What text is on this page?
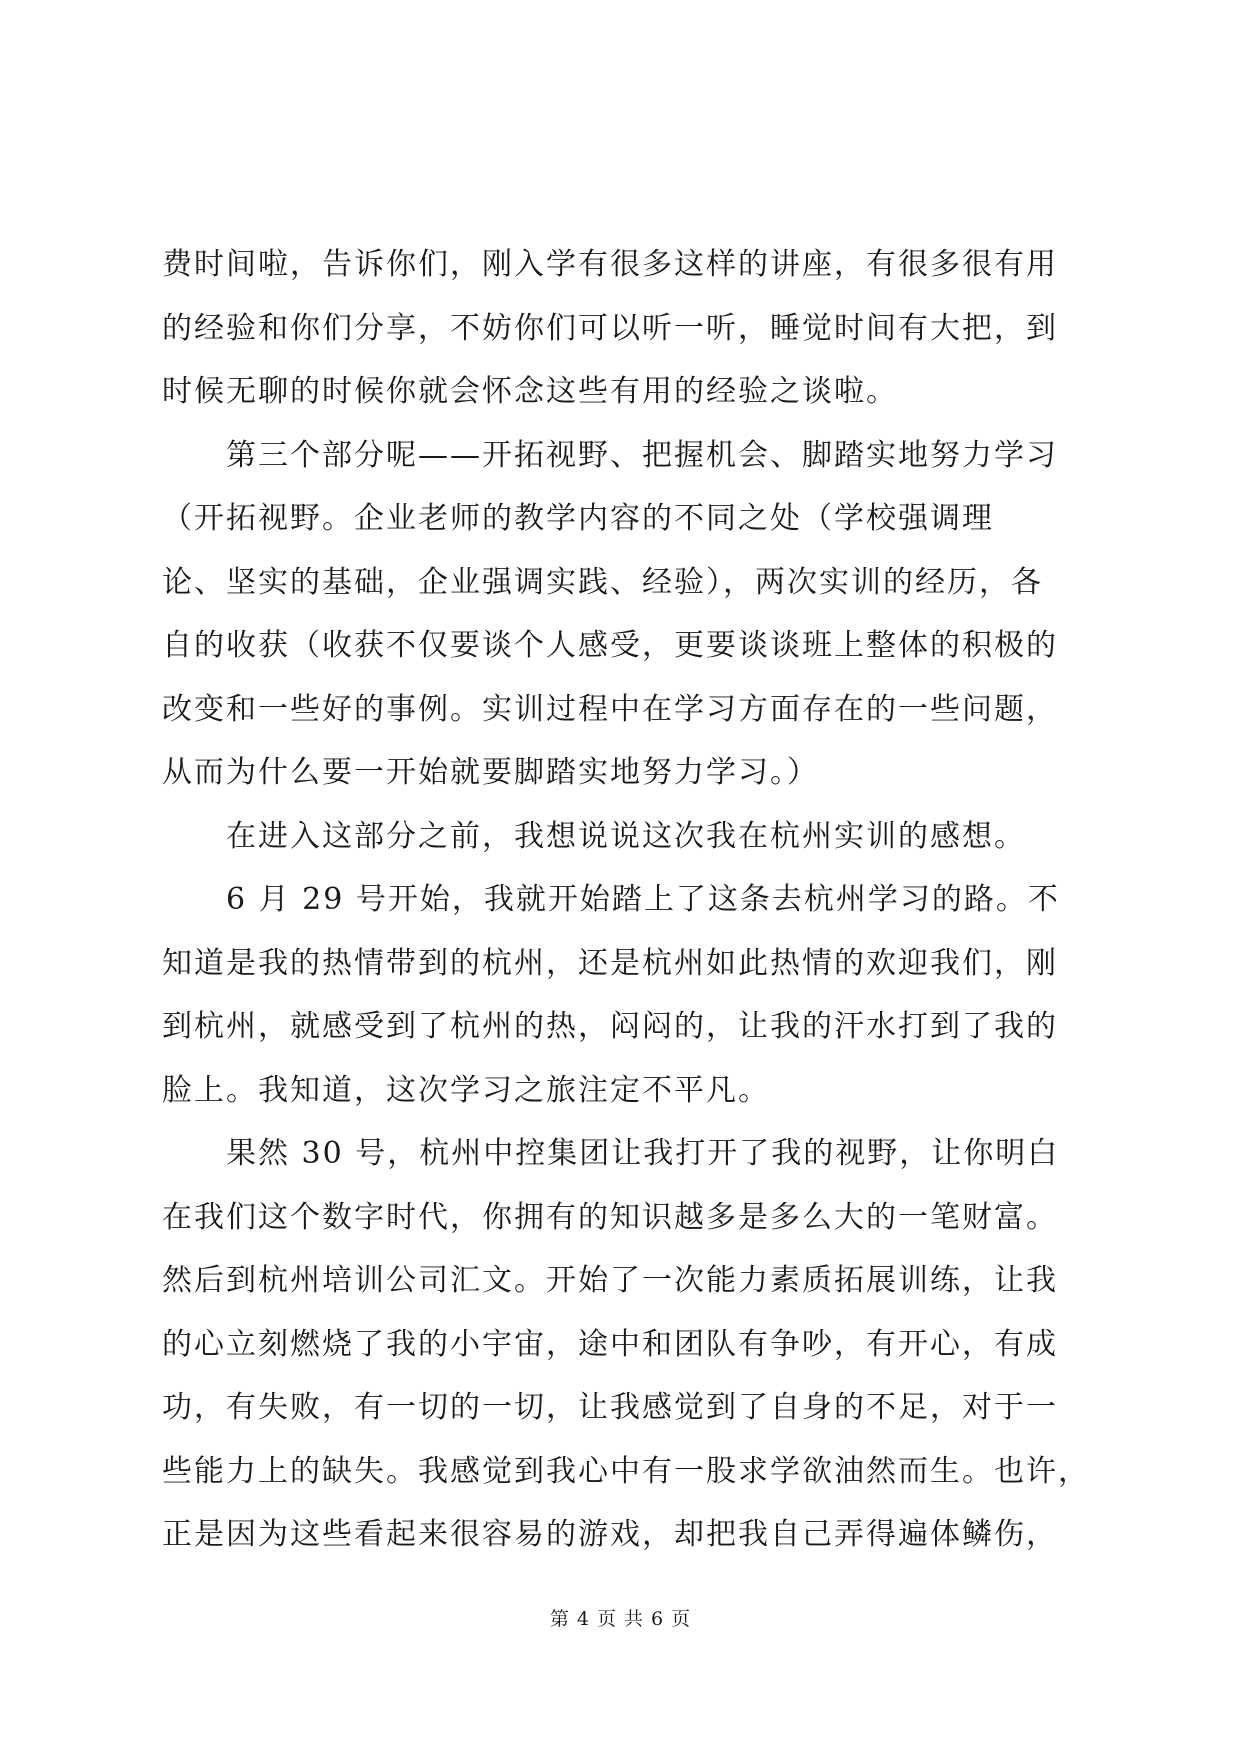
费时间啦，告诉你们，刚入学有很多这样的讲座，有很多很有用
的经验和你们分享，不妨你们可以听一听，睡觉时间有大把，到
时候无聊的时候你就会怀念这些有用的经验之谈啦。
　　第三个部分呢——开拓视野、把握机会、脚踏实地努力学习
（开拓视野。企业老师的教学内容的不同之处（学校强调理
论、坚实的基础，企业强调实践、经验），两次实训的经历，各
自的收获（收获不仅要谈个人感受，更要谈谈班上整体的积极的
改变和一些好的事例。实训过程中在学习方面存在的一些问题，
从而为什么要一开始就要脚踏实地努力学习。）
　　在进入这部分之前，我想说说这次我在杭州实训的感想。
　　6 月 29 号开始，我就开始踏上了这条去杭州学习的路。不
知道是我的热情带到的杭州，还是杭州如此热情的欢迎我们，刚
到杭州，就感受到了杭州的热，闷闷的，让我的汗水打到了我的
脸上。我知道，这次学习之旅注定不平凡。
　　果然 30 号，杭州中控集团让我打开了我的视野，让你明白
在我们这个数字时代，你拥有的知识越多是多么大的一笔财富。
然后到杭州培训公司汇文。开始了一次能力素质拓展训练，让我
的心立刻燃烧了我的小宇宙，途中和团队有争吵，有开心，有成
功，有失败，有一切的一切，让我感觉到了自身的不足，对于一
些能力上的缺失。我感觉到我心中有一股求学欲油然而生。也许，
正是因为这些看起来很容易的游戏，却把我自己弄得遍体鳞伤，
第 4 页 共 6 页
